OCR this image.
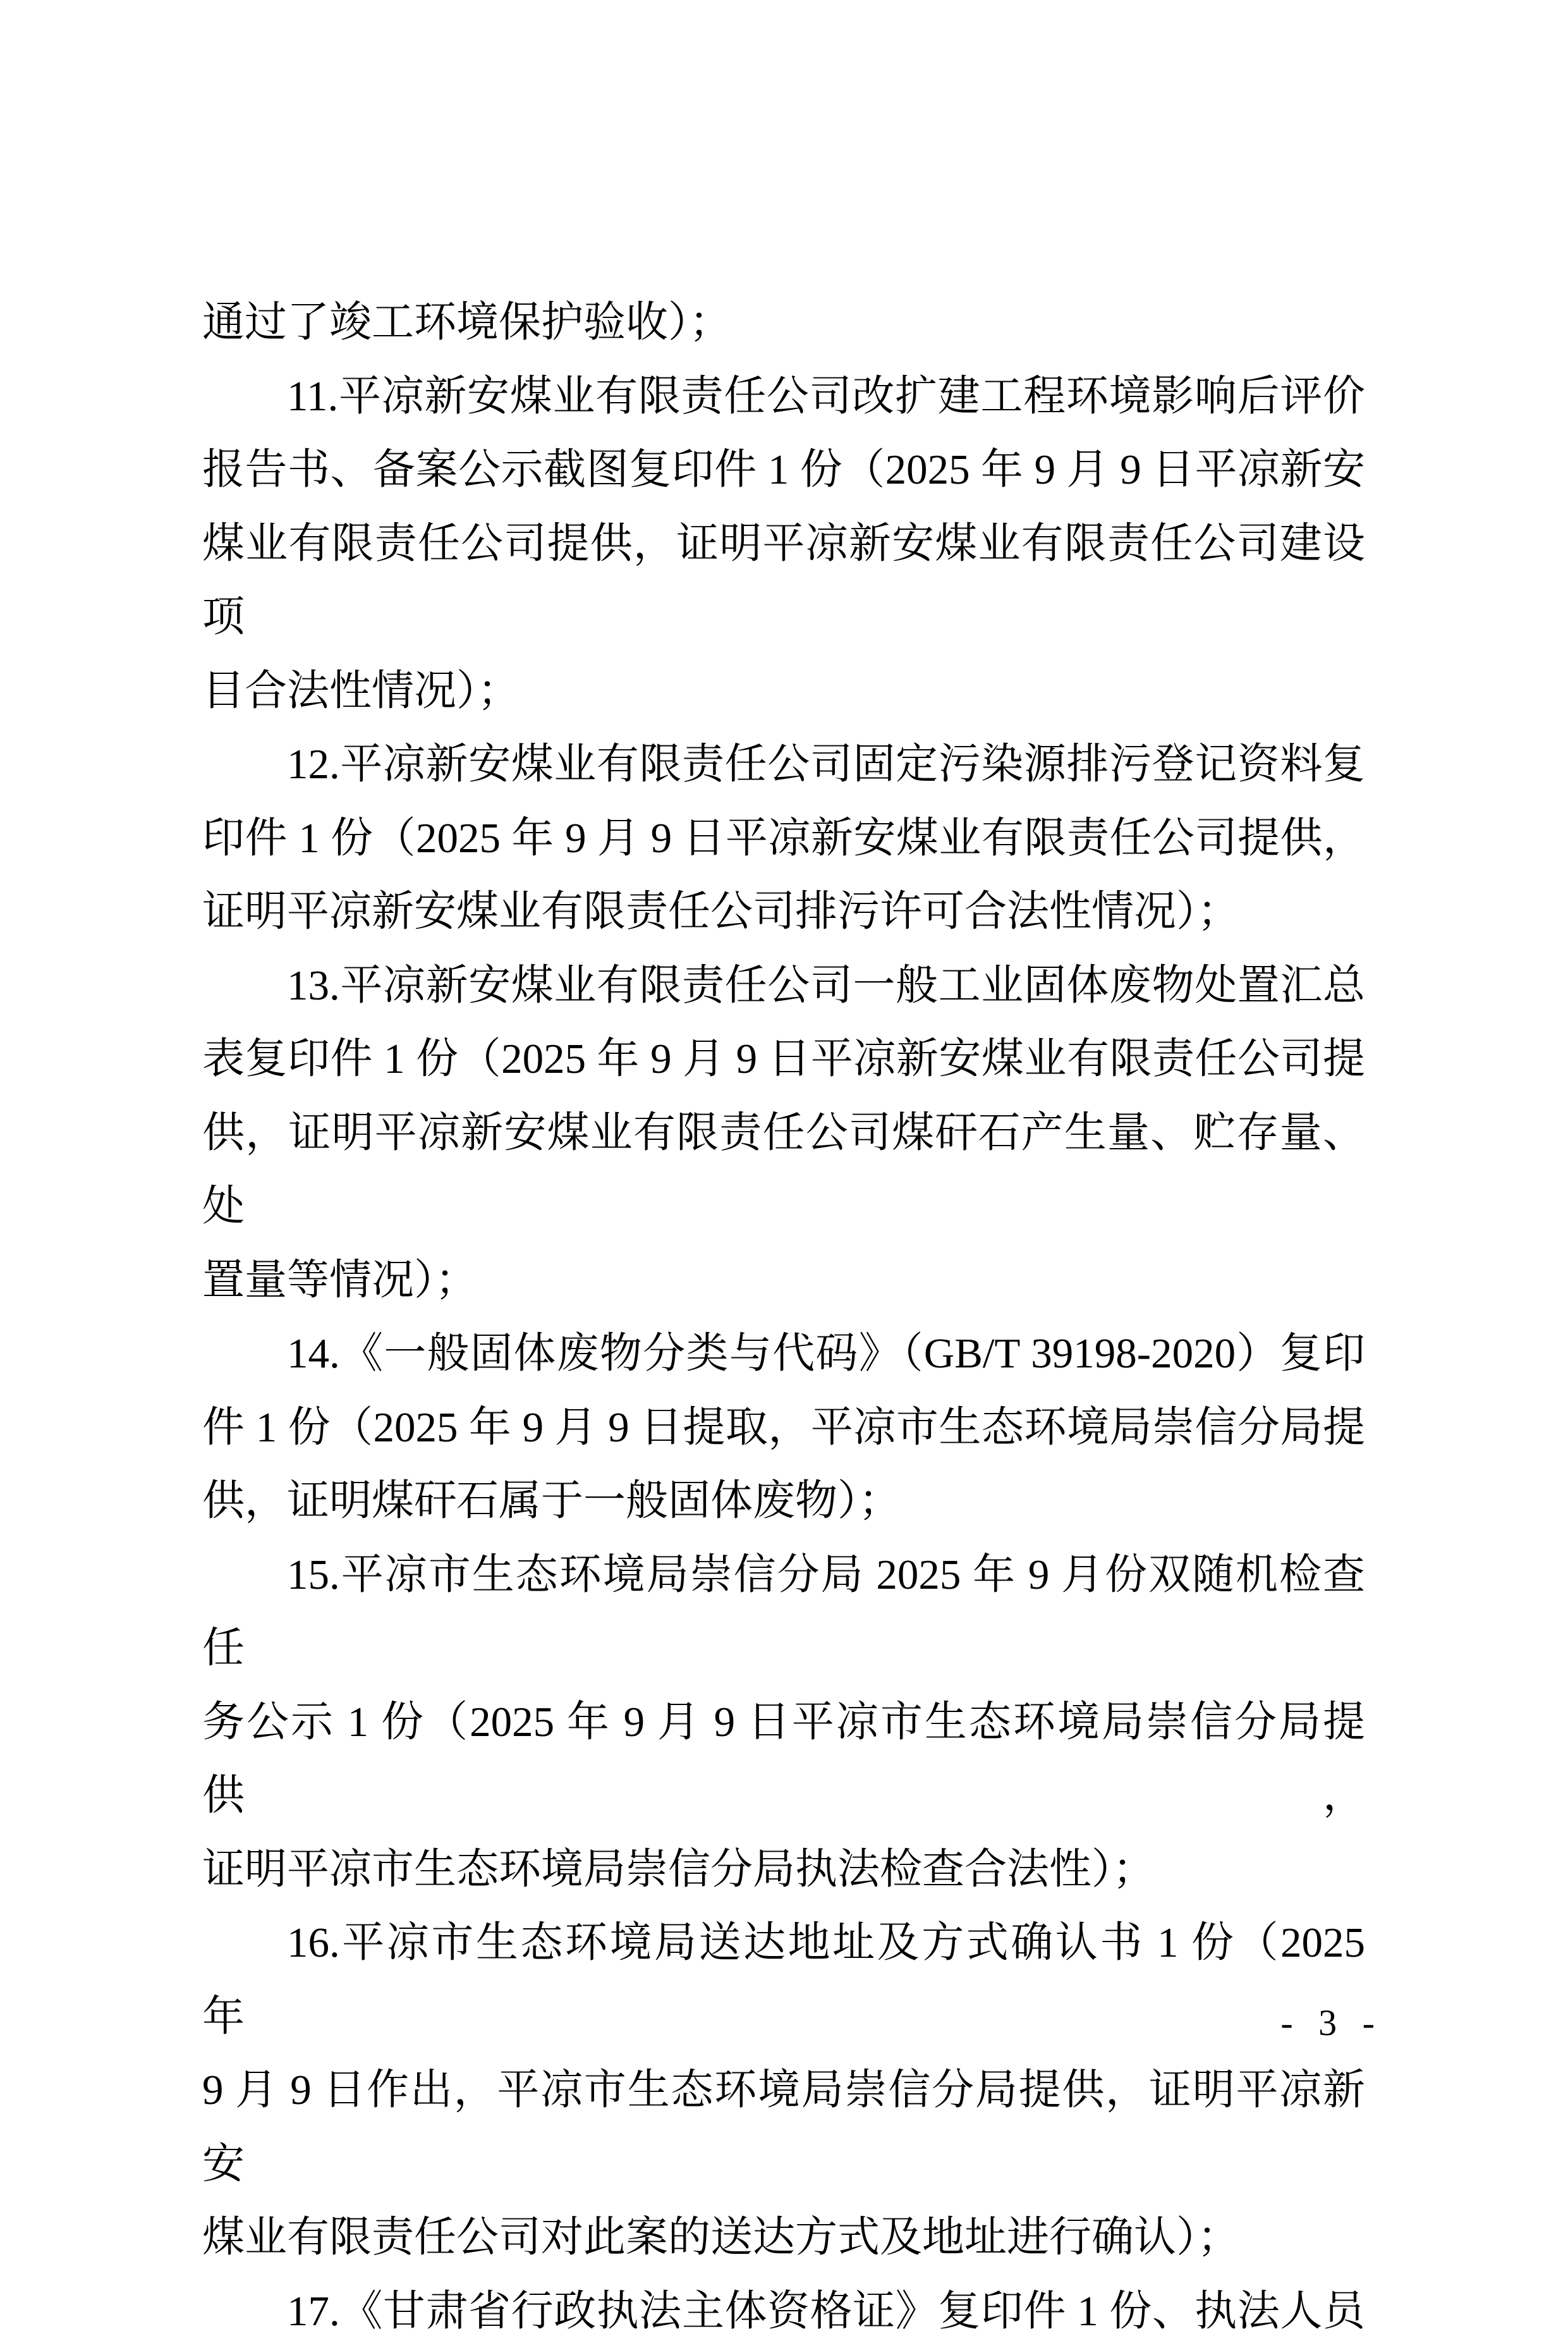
通过了竣工环境保护验收）；
11.平凉新安煤业有限责任公司改扩建工程环境影响后评价
报告书、备案公示截图复印件 1 份（2025 年 9 月 9 日平凉新安
煤业有限责任公司提供，证明平凉新安煤业有限责任公司建设项
目合法性情况）；
12.平凉新安煤业有限责任公司固定污染源排污登记资料复
印件 1 份（2025 年 9 月 9 日平凉新安煤业有限责任公司提供，
证明平凉新安煤业有限责任公司排污许可合法性情况）；
13.平凉新安煤业有限责任公司一般工业固体废物处置汇总
表复印件 1 份（2025 年 9 月 9 日平凉新安煤业有限责任公司提
供，证明平凉新安煤业有限责任公司煤矸石产生量、贮存量、处
置量等情况）；
14.《一般固体废物分类与代码》（GB/T 39198-2020）复印
件 1 份（2025 年 9 月 9 日提取，平凉市生态环境局崇信分局提
供，证明煤矸石属于一般固体废物）；
15.平凉市生态环境局崇信分局 2025 年 9 月份双随机检查任
务公示 1 份（2025 年 9 月 9 日平凉市生态环境局崇信分局提供，
证明平凉市生态环境局崇信分局执法检查合法性）；
16.平凉市生态环境局送达地址及方式确认书 1 份（2025 年
9 月 9 日作出，平凉市生态环境局崇信分局提供，证明平凉新安
煤业有限责任公司对此案的送达方式及地址进行确认）；
17.《甘肃省行政执法主体资格证》复印件 1 份、执法人员
- 3 -
